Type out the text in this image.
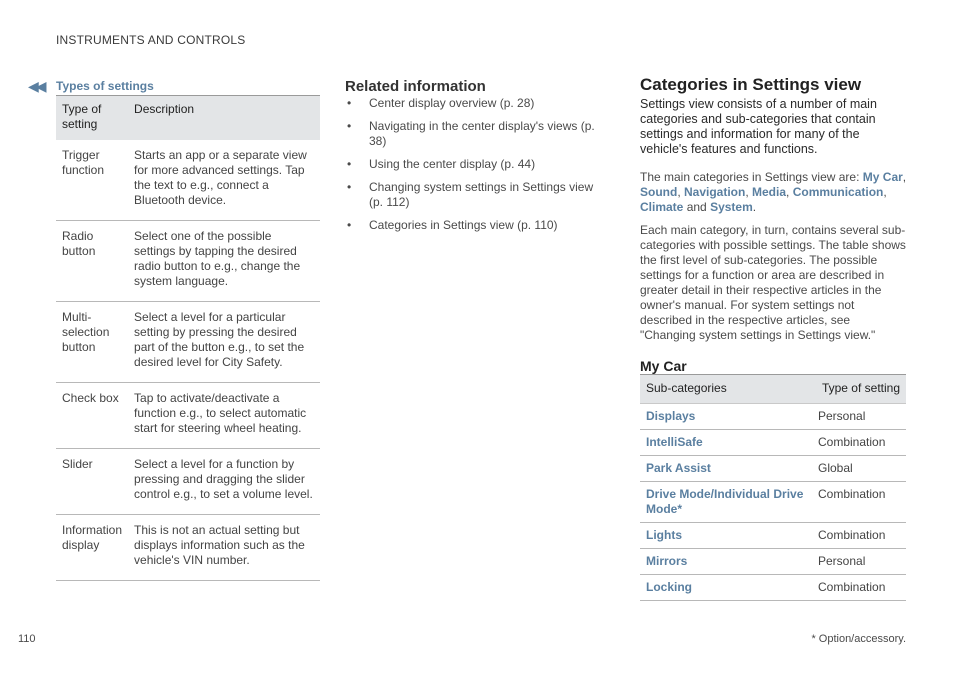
INSTRUMENTS AND CONTROLS
◀◀ Types of settings
Type of setting	Description
Trigger function	Starts an app or a separate view for more advanced settings. Tap the text to e.g., connect a Bluetooth device.
Radio button	Select one of the possible settings by tapping the desired radio button to e.g., change the system language.
Multi-selection button	Select a level for a particular setting by pressing the desired part of the button e.g., to set the desired level for City Safety.
Check box	Tap to activate/deactivate a function e.g., to select automatic start for steering wheel heating.
Slider	Select a level for a function by pressing and dragging the slider control e.g., to set a volume level.
Information display	This is not an actual setting but displays information such as the vehicle's VIN number.
Related information
• Center display overview (p. 28)
• Navigating in the center display's views (p. 38)
• Using the center display (p. 44)
• Changing system settings in Settings view (p. 112)
• Categories in Settings view (p. 110)
Categories in Settings view
Settings view consists of a number of main categories and sub-categories that contain settings and information for many of the vehicle's features and functions.
The main categories in Settings view are: My Car, Sound, Navigation, Media, Communication, Climate and System.
Each main category, in turn, contains several sub-categories with possible settings. The table shows the first level of sub-categories. The possible settings for a function or area are described in greater detail in their respective articles in the owner's manual. For system settings not described in the respective articles, see "Changing system settings in Settings view."
My Car
Sub-categories	Type of setting
Displays	Personal
IntelliSafe	Combination
Park Assist	Global
Drive Mode/Individual Drive Mode*	Combination
Lights	Combination
Mirrors	Personal
Locking	Combination
110	* Option/accessory.
